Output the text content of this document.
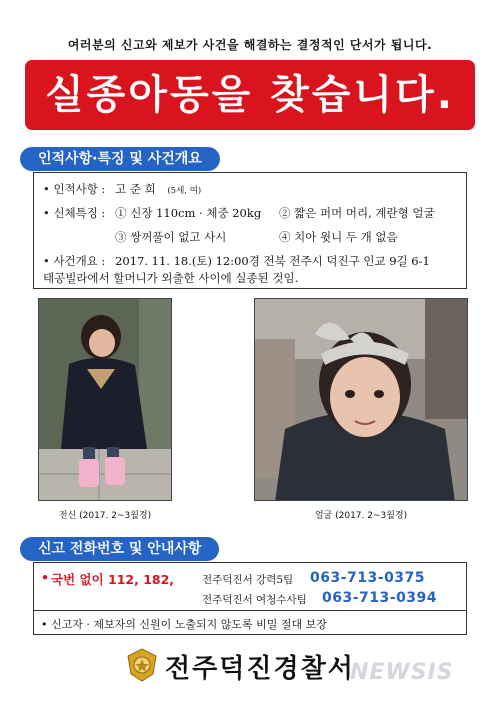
여러분의 신고와 제보가 사건을 해결하는 결정적인 단서가 됩니다.
실종아동을 찾습니다.
인적사항·특징 및 사건개요
• 인적사항 : 고 준 희 (5세, 여)
• 신체특징 : ① 신장 110cm · 체중 20kg ② 짧은 퍼머 머리, 계란형 얼굴
③ 쌍꺼풀이 없고 사시	④ 치아 윗니 두 개 없음
• 사건개요 : 2017. 11. 18.(토) 12:00경 전북 전주시 덕진구 인교 9길 6-1
태공빌라에서 할머니가 외출한 사이에 실종된 것임.
전신 (2017. 2~3월경)	얼굴 (2017. 2~3월경)
신고 전화번호 및 안내사항
• 국번 없이 112, 182,	전주덕진서 강력5팀 063-713-0375
전주덕진서 여청수사팀 063-713-0394
• 신고자 · 제보자의 신원이 노출되지 않도록 비밀 절대 보장
전주덕진경찰서
NEWSIS
